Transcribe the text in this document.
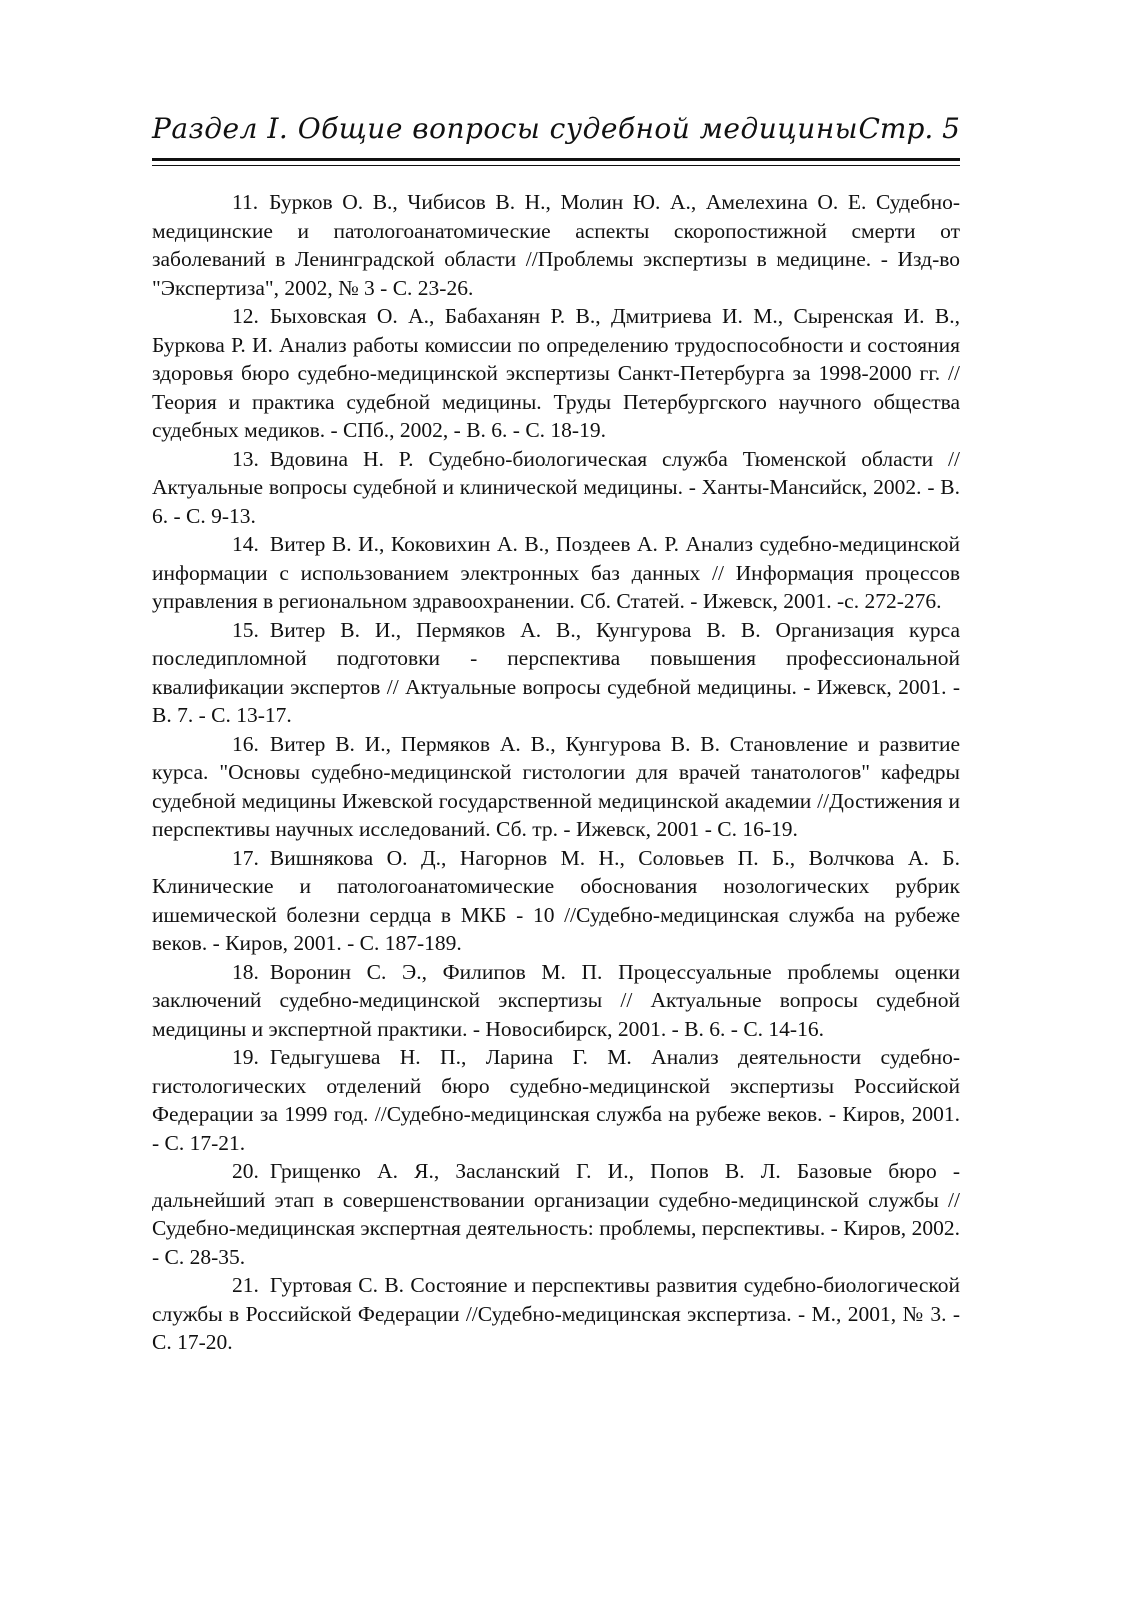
Раздел I. Общие вопросы судебной медицины Стр. 5
11. Бурков О. В., Чибисов В. Н., Молин Ю. А., Амелехина О. Е. Судебно-медицинские и патологоанатомические аспекты скоропостижной смерти от заболеваний в Ленинградской области //Проблемы экспертизы в медицине. - Изд-во "Экспертиза", 2002, № 3 - С. 23-26.
12. Быховская О. А., Бабаханян Р. В., Дмитриева И. М., Сыренская И. В., Буркова Р. И. Анализ работы комиссии по определению трудоспособности и состояния здоровья бюро судебно-медицинской экспертизы Санкт-Петербурга за 1998-2000 гг. // Теория и практика судебной медицины. Труды Петербургского научного общества судебных медиков. - СПб., 2002, - В. 6. - С. 18-19.
13. Вдовина Н. Р. Судебно-биологическая служба Тюменской области // Актуальные вопросы судебной и клинической медицины. - Ханты-Мансийск, 2002. - В. 6. - С. 9-13.
14. Витер В. И., Коковихин А. В., Поздеев А. Р. Анализ судебно-медицинской информации с использованием электронных баз данных // Информация процессов управления в региональном здравоохранении. Сб. Статей. - Ижевск, 2001. -с. 272-276.
15. Витер В. И., Пермяков А. В., Кунгурова В. В. Организация курса последипломной подготовки - перспектива повышения профессиональной квалификации экспертов // Актуальные вопросы судебной медицины. - Ижевск, 2001. - В. 7. - С. 13-17.
16. Витер В. И., Пермяков А. В., Кунгурова В. В. Становление и развитие курса. "Основы судебно-медицинской гистологии для врачей танатологов" кафедры судебной медицины Ижевской государственной медицинской академии //Достижения и перспективы научных исследований. Сб. тр. - Ижевск, 2001 - С. 16-19.
17. Вишнякова О. Д., Нагорнов М. Н., Соловьев П. Б., Волчкова А. Б. Клинические и патологоанатомические обоснования нозологических рубрик ишемической болезни сердца в МКБ - 10 //Судебно-медицинская служба на рубеже веков. - Киров, 2001. - С. 187-189.
18. Воронин С. Э., Филипов М. П. Процессуальные проблемы оценки заключений судебно-медицинской экспертизы // Актуальные вопросы судебной медицины и экспертной практики. - Новосибирск, 2001. - В. 6. - С. 14-16.
19. Гедыгушева Н. П., Ларина Г. М. Анализ деятельности судебно-гистологических отделений бюро судебно-медицинской экспертизы Российской Федерации за 1999 год. //Судебно-медицинская служба на рубеже веков. - Киров, 2001. - С. 17-21.
20. Грищенко А. Я., Засланский Г. И., Попов В. Л. Базовые бюро - дальнейший этап в совершенствовании организации судебно-медицинской службы //Судебно-медицинская экспертная деятельность: проблемы, перспективы. - Киров, 2002. - С. 28-35.
21. Гуртовая С. В. Состояние и перспективы развития судебно-биологической службы в Российской Федерации //Судебно-медицинская экспертиза. - М., 2001, № 3. - С. 17-20.
